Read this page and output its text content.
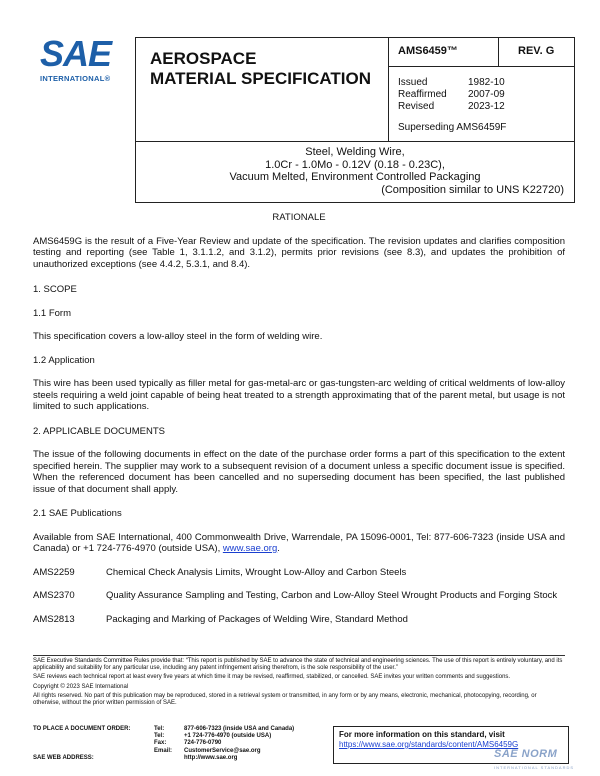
SAE
INTERNATIONAL®
AEROSPACE
MATERIAL SPECIFICATION
AMS6459™	REV. G
Issued	1982-10
Reaffirmed	2007-09
Revised	2023-12
Superseding AMS6459F
Steel, Welding Wire,
1.0Cr - 1.0Mo - 0.12V (0.18 - 0.23C),
Vacuum Melted, Environment Controlled Packaging
(Composition similar to UNS K22720)

RATIONALE

AMS6459G is the result of a Five-Year Review and update of the specification. The revision updates and clarifies composition testing and reporting (see Table 1, 3.1.1.2, and 3.1.2), permits prior revisions (see 8.3), and updates the prohibition of unauthorized exceptions (see 4.4.2, 5.3.1, and 8.4).

1. SCOPE

1.1 Form

This specification covers a low-alloy steel in the form of welding wire.

1.2 Application

This wire has been used typically as filler metal for gas-metal-arc or gas-tungsten-arc welding of critical weldments of low-alloy steels requiring a weld joint capable of being heat treated to a strength approximating that of the parent metal, but usage is not limited to such applications.

2. APPLICABLE DOCUMENTS

The issue of the following documents in effect on the date of the purchase order forms a part of this specification to the extent specified herein. The supplier may work to a subsequent revision of a document unless a specific document issue is specified. When the referenced document has been cancelled and no superseding document has been specified, the last published issue of that document shall apply.

2.1 SAE Publications

Available from SAE International, 400 Commonwealth Drive, Warrendale, PA 15096-0001, Tel: 877-606-7323 (inside USA and Canada) or +1 724-776-4970 (outside USA), www.sae.org.

AMS2259	Chemical Check Analysis Limits, Wrought Low-Alloy and Carbon Steels
AMS2370	Quality Assurance Sampling and Testing, Carbon and Low-Alloy Steel Wrought Products and Forging Stock
AMS2813	Packaging and Marking of Packages of Welding Wire, Standard Method

SAE Executive Standards Committee Rules provide that: “This report is published by SAE to advance the state of technical and engineering sciences. The use of this report is entirely voluntary, and its applicability and suitability for any particular use, including any patent infringement arising therefrom, is the sole responsibility of the user.”

SAE reviews each technical report at least every five years at which time it may be revised, reaffirmed, stabilized, or cancelled. SAE invites your written comments and suggestions.

Copyright © 2023 SAE International

All rights reserved. No part of this publication may be reproduced, stored in a retrieval system or transmitted, in any form or by any means, electronic, mechanical, photocopying, recording, or otherwise, without the prior written permission of SAE.

TO PLACE A DOCUMENT ORDER:	Tel:	877-606-7323 (inside USA and Canada)
Tel:	+1 724-776-4970 (outside USA)
Fax:	724-776-0790
Email:	CustomerService@sae.org
SAE WEB ADDRESS:	http://www.sae.org
For more information on this standard, visit
https://www.sae.org/standards/content/AMS6459G
SAE NORM
INTERNATIONAL STANDARDS
